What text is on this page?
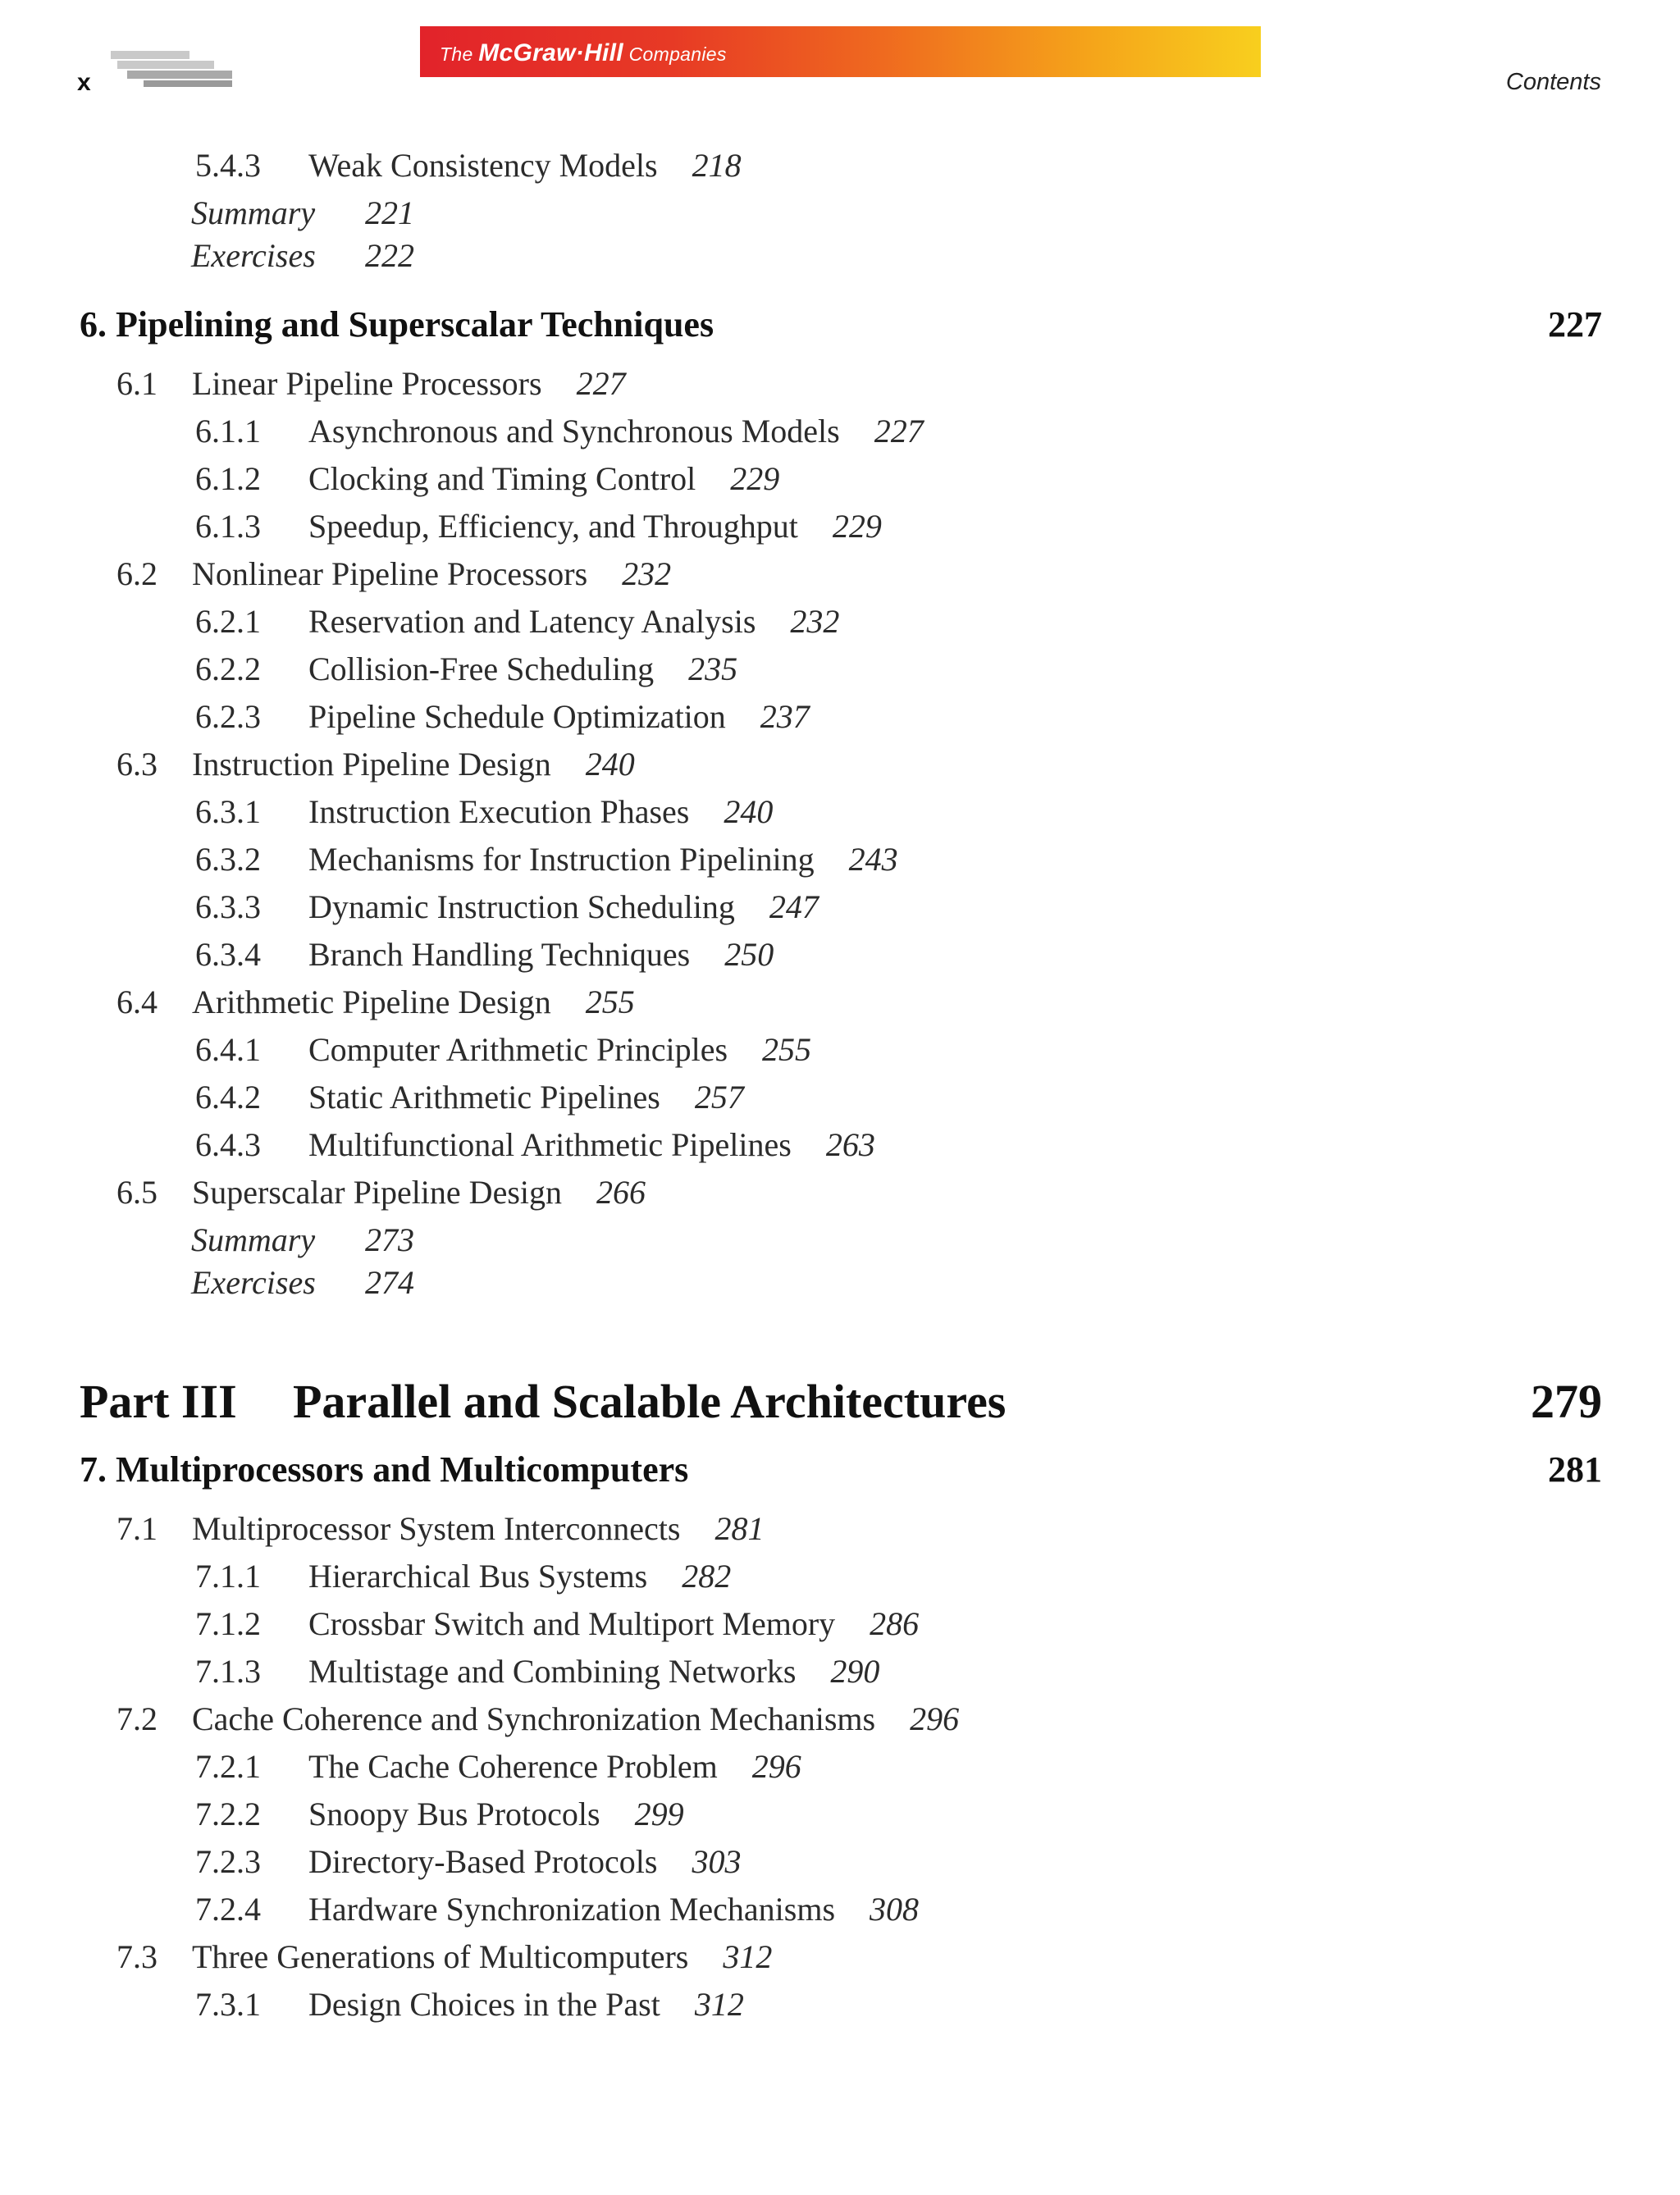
x
The McGraw·Hill Companies
Contents
5.4.3 Weak Consistency Models 218
Summary 221
Exercises 222
6. Pipelining and Superscalar Techniques	227
6.1 Linear Pipeline Processors 227
6.1.1 Asynchronous and Synchronous Models 227
6.1.2 Clocking and Timing Control 229
6.1.3 Speedup, Efficiency, and Throughput 229
6.2 Nonlinear Pipeline Processors 232
6.2.1 Reservation and Latency Analysis 232
6.2.2 Collision-Free Scheduling 235
6.2.3 Pipeline Schedule Optimization 237
6.3 Instruction Pipeline Design 240
6.3.1 Instruction Execution Phases 240
6.3.2 Mechanisms for Instruction Pipelining 243
6.3.3 Dynamic Instruction Scheduling 247
6.3.4 Branch Handling Techniques 250
6.4 Arithmetic Pipeline Design 255
6.4.1 Computer Arithmetic Principles 255
6.4.2 Static Arithmetic Pipelines 257
6.4.3 Multifunctional Arithmetic Pipelines 263
6.5 Superscalar Pipeline Design 266
Summary 273
Exercises 274
Part III Parallel and Scalable Architectures	279
7. Multiprocessors and Multicomputers	281
7.1 Multiprocessor System Interconnects 281
7.1.1 Hierarchical Bus Systems 282
7.1.2 Crossbar Switch and Multiport Memory 286
7.1.3 Multistage and Combining Networks 290
7.2 Cache Coherence and Synchronization Mechanisms 296
7.2.1 The Cache Coherence Problem 296
7.2.2 Snoopy Bus Protocols 299
7.2.3 Directory-Based Protocols 303
7.2.4 Hardware Synchronization Mechanisms 308
7.3 Three Generations of Multicomputers 312
7.3.1 Design Choices in the Past 312
